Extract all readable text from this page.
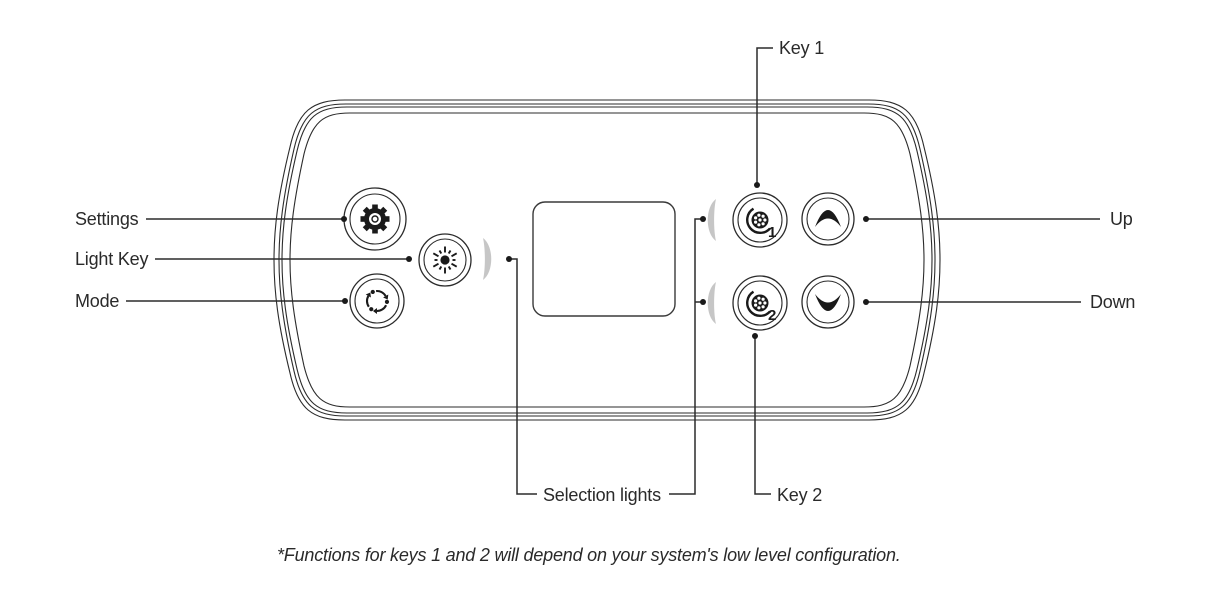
1
2
Settings
Light Key
Mode
Key 1
Key 2
Up
Down
Selection lights
*Functions for keys 1 and 2 will depend on your system's low level configuration.
